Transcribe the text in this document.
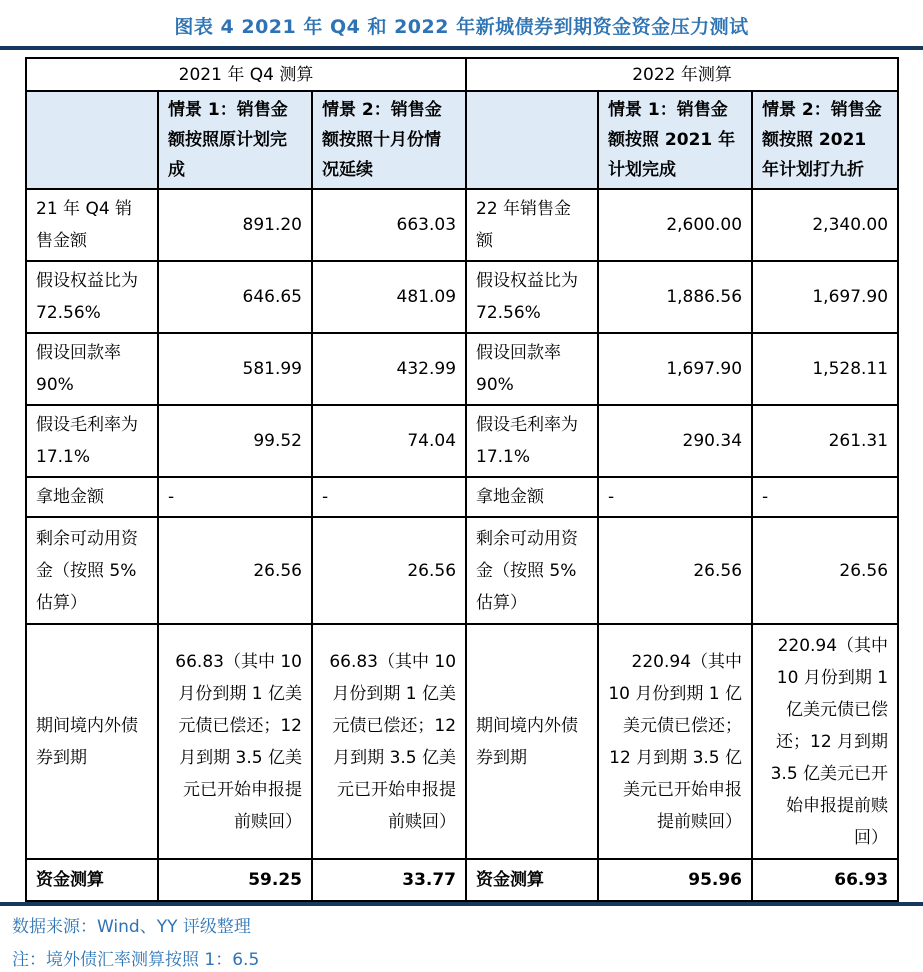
图表 4 2021 年 Q4 和 2022 年新城债券到期资金资金压力测试
2021 年 Q4 测算			2022 年测算		
	情景 1：销售金额按照原计划完成	情景 2：销售金额按照十月份情况延续		情景 1：销售金额按照 2021 年计划完成	情景 2：销售金额按照 2021 年计划打九折
21 年 Q4 销售金额	891.20	663.03	22 年销售金额	2,600.00	2,340.00
假设权益比为 72.56%	646.65	481.09	假设权益比为 72.56%	1,886.56	1,697.90
假设回款率 90%	581.99	432.99	假设回款率 90%	1,697.90	1,528.11
假设毛利率为 17.1%	99.52	74.04	假设毛利率为 17.1%	290.34	261.31
拿地金额	-	-	拿地金额	-	-
剩余可动用资金（按照 5%估算）	26.56	26.56	剩余可动用资金（按照 5%估算）	26.56	26.56
期间境内外债券到期	66.83（其中 10 月份到期 1 亿美元债已偿还；12 月到期 3.5 亿美元已开始申报提前赎回）	66.83（其中 10 月份到期 1 亿美元债已偿还；12 月到期 3.5 亿美元已开始申报提前赎回）	期间境内外债券到期	220.94（其中 10 月份到期 1 亿美元债已偿还；12 月到期 3.5 亿美元已开始申报提前赎回）	220.94（其中 10 月份到期 1 亿美元债已偿还；12 月到期 3.5 亿美元已开始申报提前赎回）
资金测算	59.25	33.77	资金测算	95.96	66.93
数据来源：Wind、YY 评级整理
注：境外债汇率测算按照 1：6.5
